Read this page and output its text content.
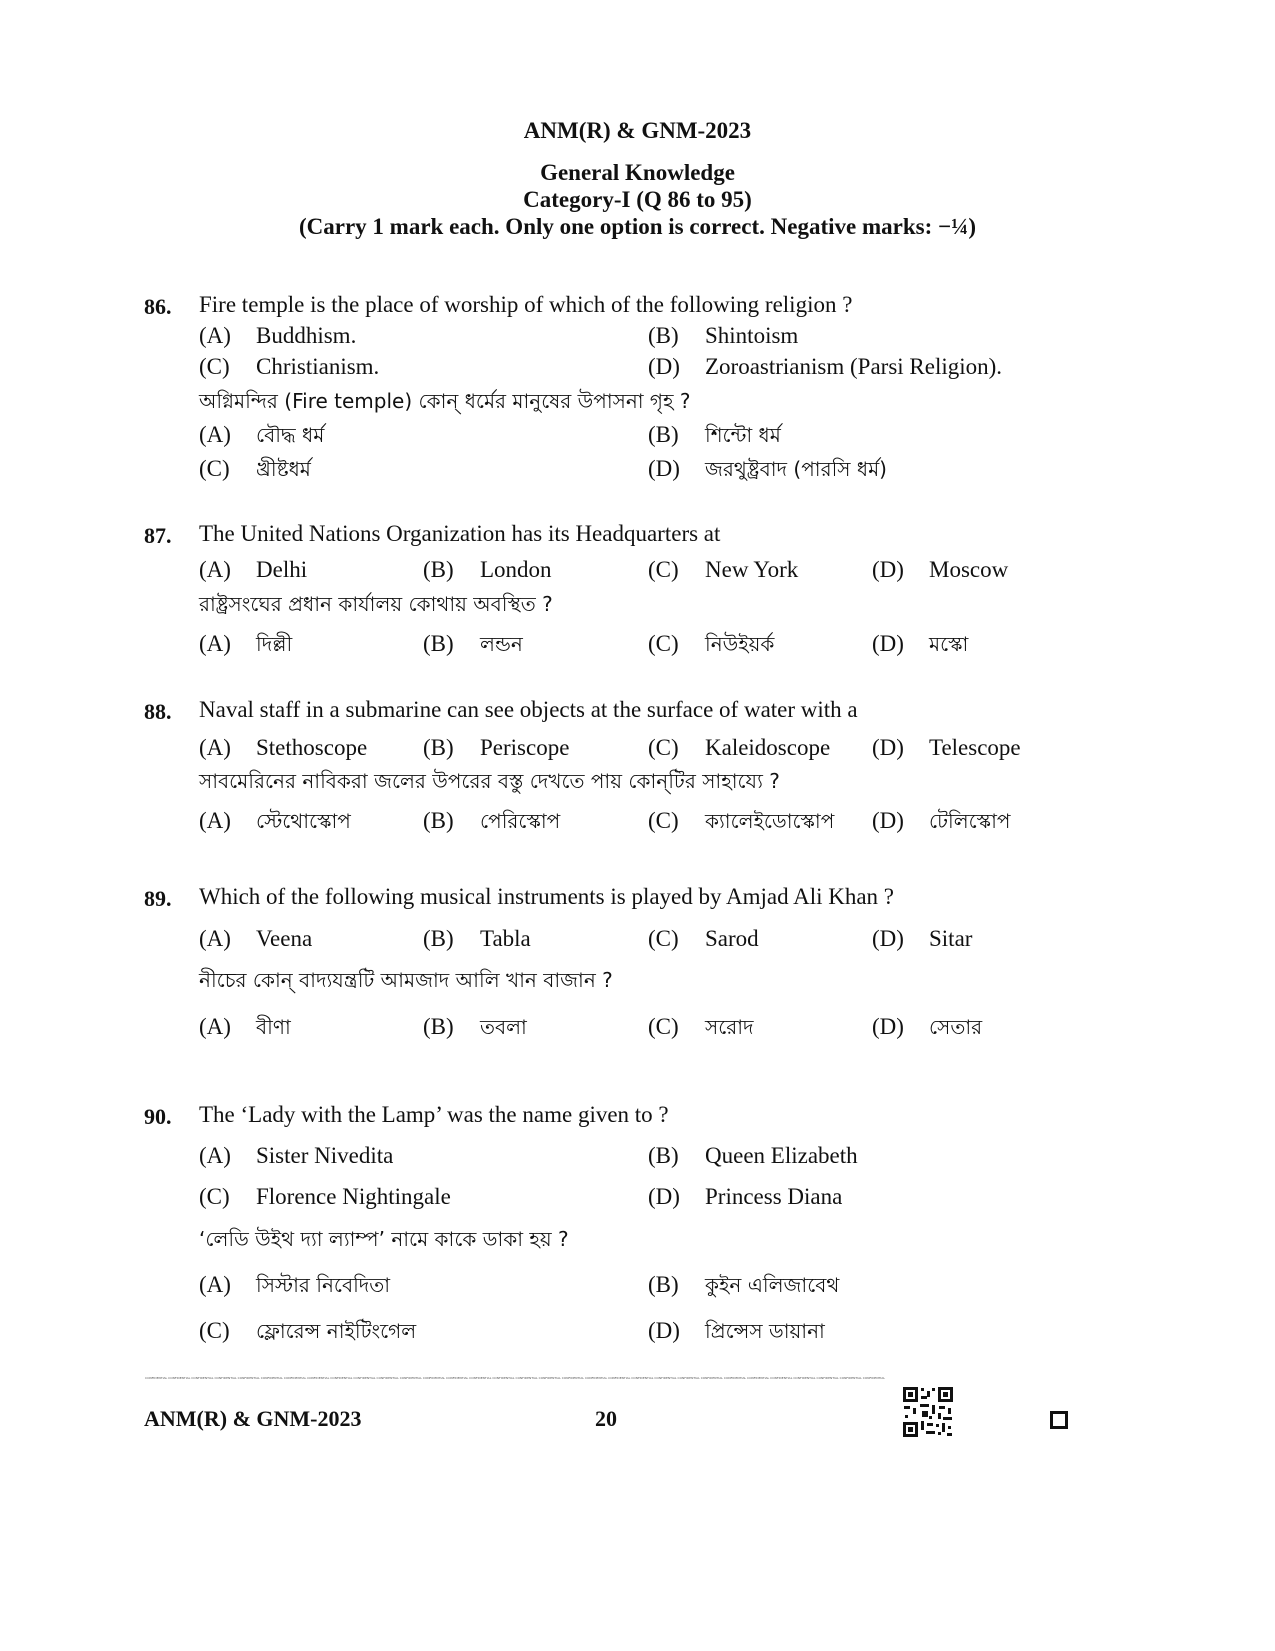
ANM(R) & GNM-2023
General Knowledge
Category-I (Q 86 to 95)
(Carry 1 mark each. Only one option is correct. Negative marks: −¼)
86. Fire temple is the place of worship of which of the following religion ?
(A) Buddhism.	(B) Shintoism
(C) Christianism.	(D) Zoroastrianism (Parsi Religion).
অগ্নিমন্দির (Fire temple) কোন্ ধর্মের মানুষের উপাসনা গৃহ ?
(A) বৌদ্ধ ধর্ম	(B) শিন্টো ধর্ম
(C) খ্রীষ্টধর্ম	(D) জরথুষ্ট্রবাদ (পারসি ধর্ম)
87. The United Nations Organization has its Headquarters at
(A) Delhi	(B) London	(C) New York	(D) Moscow
রাষ্ট্রসংঘের প্রধান কার্যালয় কোথায় অবস্থিত ?
(A) দিল্লী	(B) লন্ডন	(C) নিউইয়র্ক	(D) মস্কো
88. Naval staff in a submarine can see objects at the surface of water with a
(A) Stethoscope (B) Periscope	(C) Kaleidoscope (D) Telescope
সাবমেরিনের নাবিকরা জলের উপরের বস্তু দেখতে পায় কোন্‌টির সাহায্যে ?
(A) স্টেথোস্কোপ	(B) পেরিস্কোপ	(C) ক্যালেইডোস্কোপ (D) টেলিস্কোপ
89. Which of the following musical instruments is played by Amjad Ali Khan ?
(A) Veena	(B) Tabla	(C) Sarod	(D) Sitar
নীচের কোন্ বাদ্যযন্ত্রটি আমজাদ আলি খান বাজান ?
(A) বীণা	(B) তবলা	(C) সরোদ	(D) সেতার
90. The ‘Lady with the Lamp’ was the name given to ?
(A) Sister Nivedita	(B) Queen Elizabeth
(C) Florence Nightingale	(D) Princess Diana
‘লেডি উইথ দ্যা ল্যাম্প’ নামে কাকে ডাকা হয় ?
(A) সিস্টার নিবেদিতা	(B) কুইন এলিজাবেথ
(C) ফ্লোরেন্স নাইটিংগেল	(D) প্রিন্সেস ডায়ানা
CONFIDENTIAL CONFIDENTIAL CONFIDENTIAL CONFIDENTIAL CONFIDENTIAL CONFIDENTIAL CONFIDENTIAL CONFIDENTIAL CONFIDENTIAL CONFIDENTIAL CONFIDENTIAL CONFIDENTIAL CONFIDENTIAL CONFIDENTIAL CONFIDENTIAL CONFIDENTIAL CONFIDENTIAL CONFIDENTIAL CONFIDENTIAL CONFIDENTIAL CONFIDENTIAL CONFIDENTIAL CONFIDENTIAL CONFIDENTIAL CONFIDENTIAL CONFIDENTIAL CONFIDENTIAL CONFIDENTIAL CONFIDENTIAL CONFIDENTIAL CONFIDENTIAL CONFIDENTIAL
ANM(R) & GNM-2023	20
